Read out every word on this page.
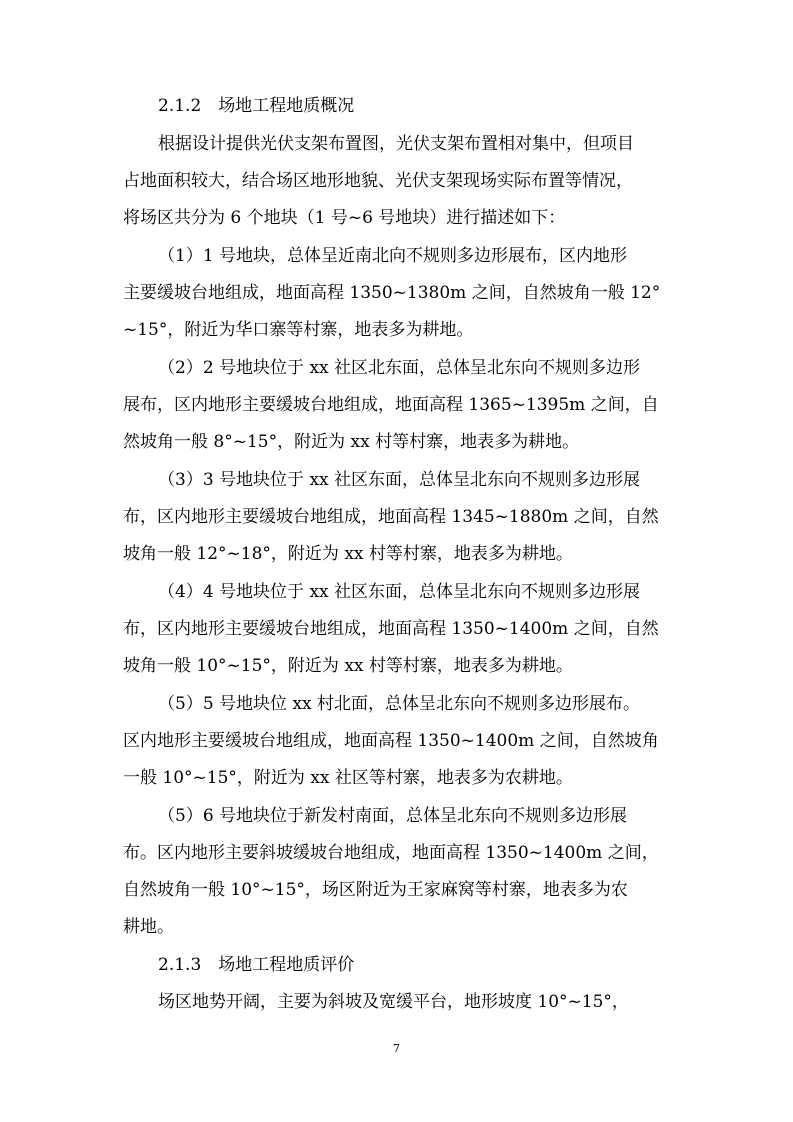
2.1.2　场地工程地质概况
根据设计提供光伏支架布置图，光伏支架布置相对集中，但项目
占地面积较大，结合场区地形地貌、光伏支架现场实际布置等情况，
将场区共分为 6 个地块（1 号~6 号地块）进行描述如下：
（1）1 号地块，总体呈近南北向不规则多边形展布，区内地形
主要缓坡台地组成，地面高程 1350~1380m 之间，自然坡角一般 12°
~15°，附近为华口寨等村寨，地表多为耕地。
（2）2 号地块位于 xx 社区北东面，总体呈北东向不规则多边形
展布，区内地形主要缓坡台地组成，地面高程 1365~1395m 之间，自
然坡角一般 8°~15°，附近为 xx 村等村寨，地表多为耕地。
（3）3 号地块位于 xx 社区东面，总体呈北东向不规则多边形展
布，区内地形主要缓坡台地组成，地面高程 1345~1880m 之间，自然
坡角一般 12°~18°，附近为 xx 村等村寨，地表多为耕地。
（4）4 号地块位于 xx 社区东面，总体呈北东向不规则多边形展
布，区内地形主要缓坡台地组成，地面高程 1350~1400m 之间，自然
坡角一般 10°~15°，附近为 xx 村等村寨，地表多为耕地。
（5）5 号地块位 xx 村北面，总体呈北东向不规则多边形展布。
区内地形主要缓坡台地组成，地面高程 1350~1400m 之间，自然坡角
一般 10°~15°，附近为 xx 社区等村寨，地表多为农耕地。
（5）6 号地块位于新发村南面，总体呈北东向不规则多边形展
布。区内地形主要斜坡缓坡台地组成，地面高程 1350~1400m 之间，
自然坡角一般 10°~15°，场区附近为王家麻窝等村寨，地表多为农
耕地。
2.1.3　场地工程地质评价
场区地势开阔，主要为斜坡及宽缓平台，地形坡度 10°~15°，
7
